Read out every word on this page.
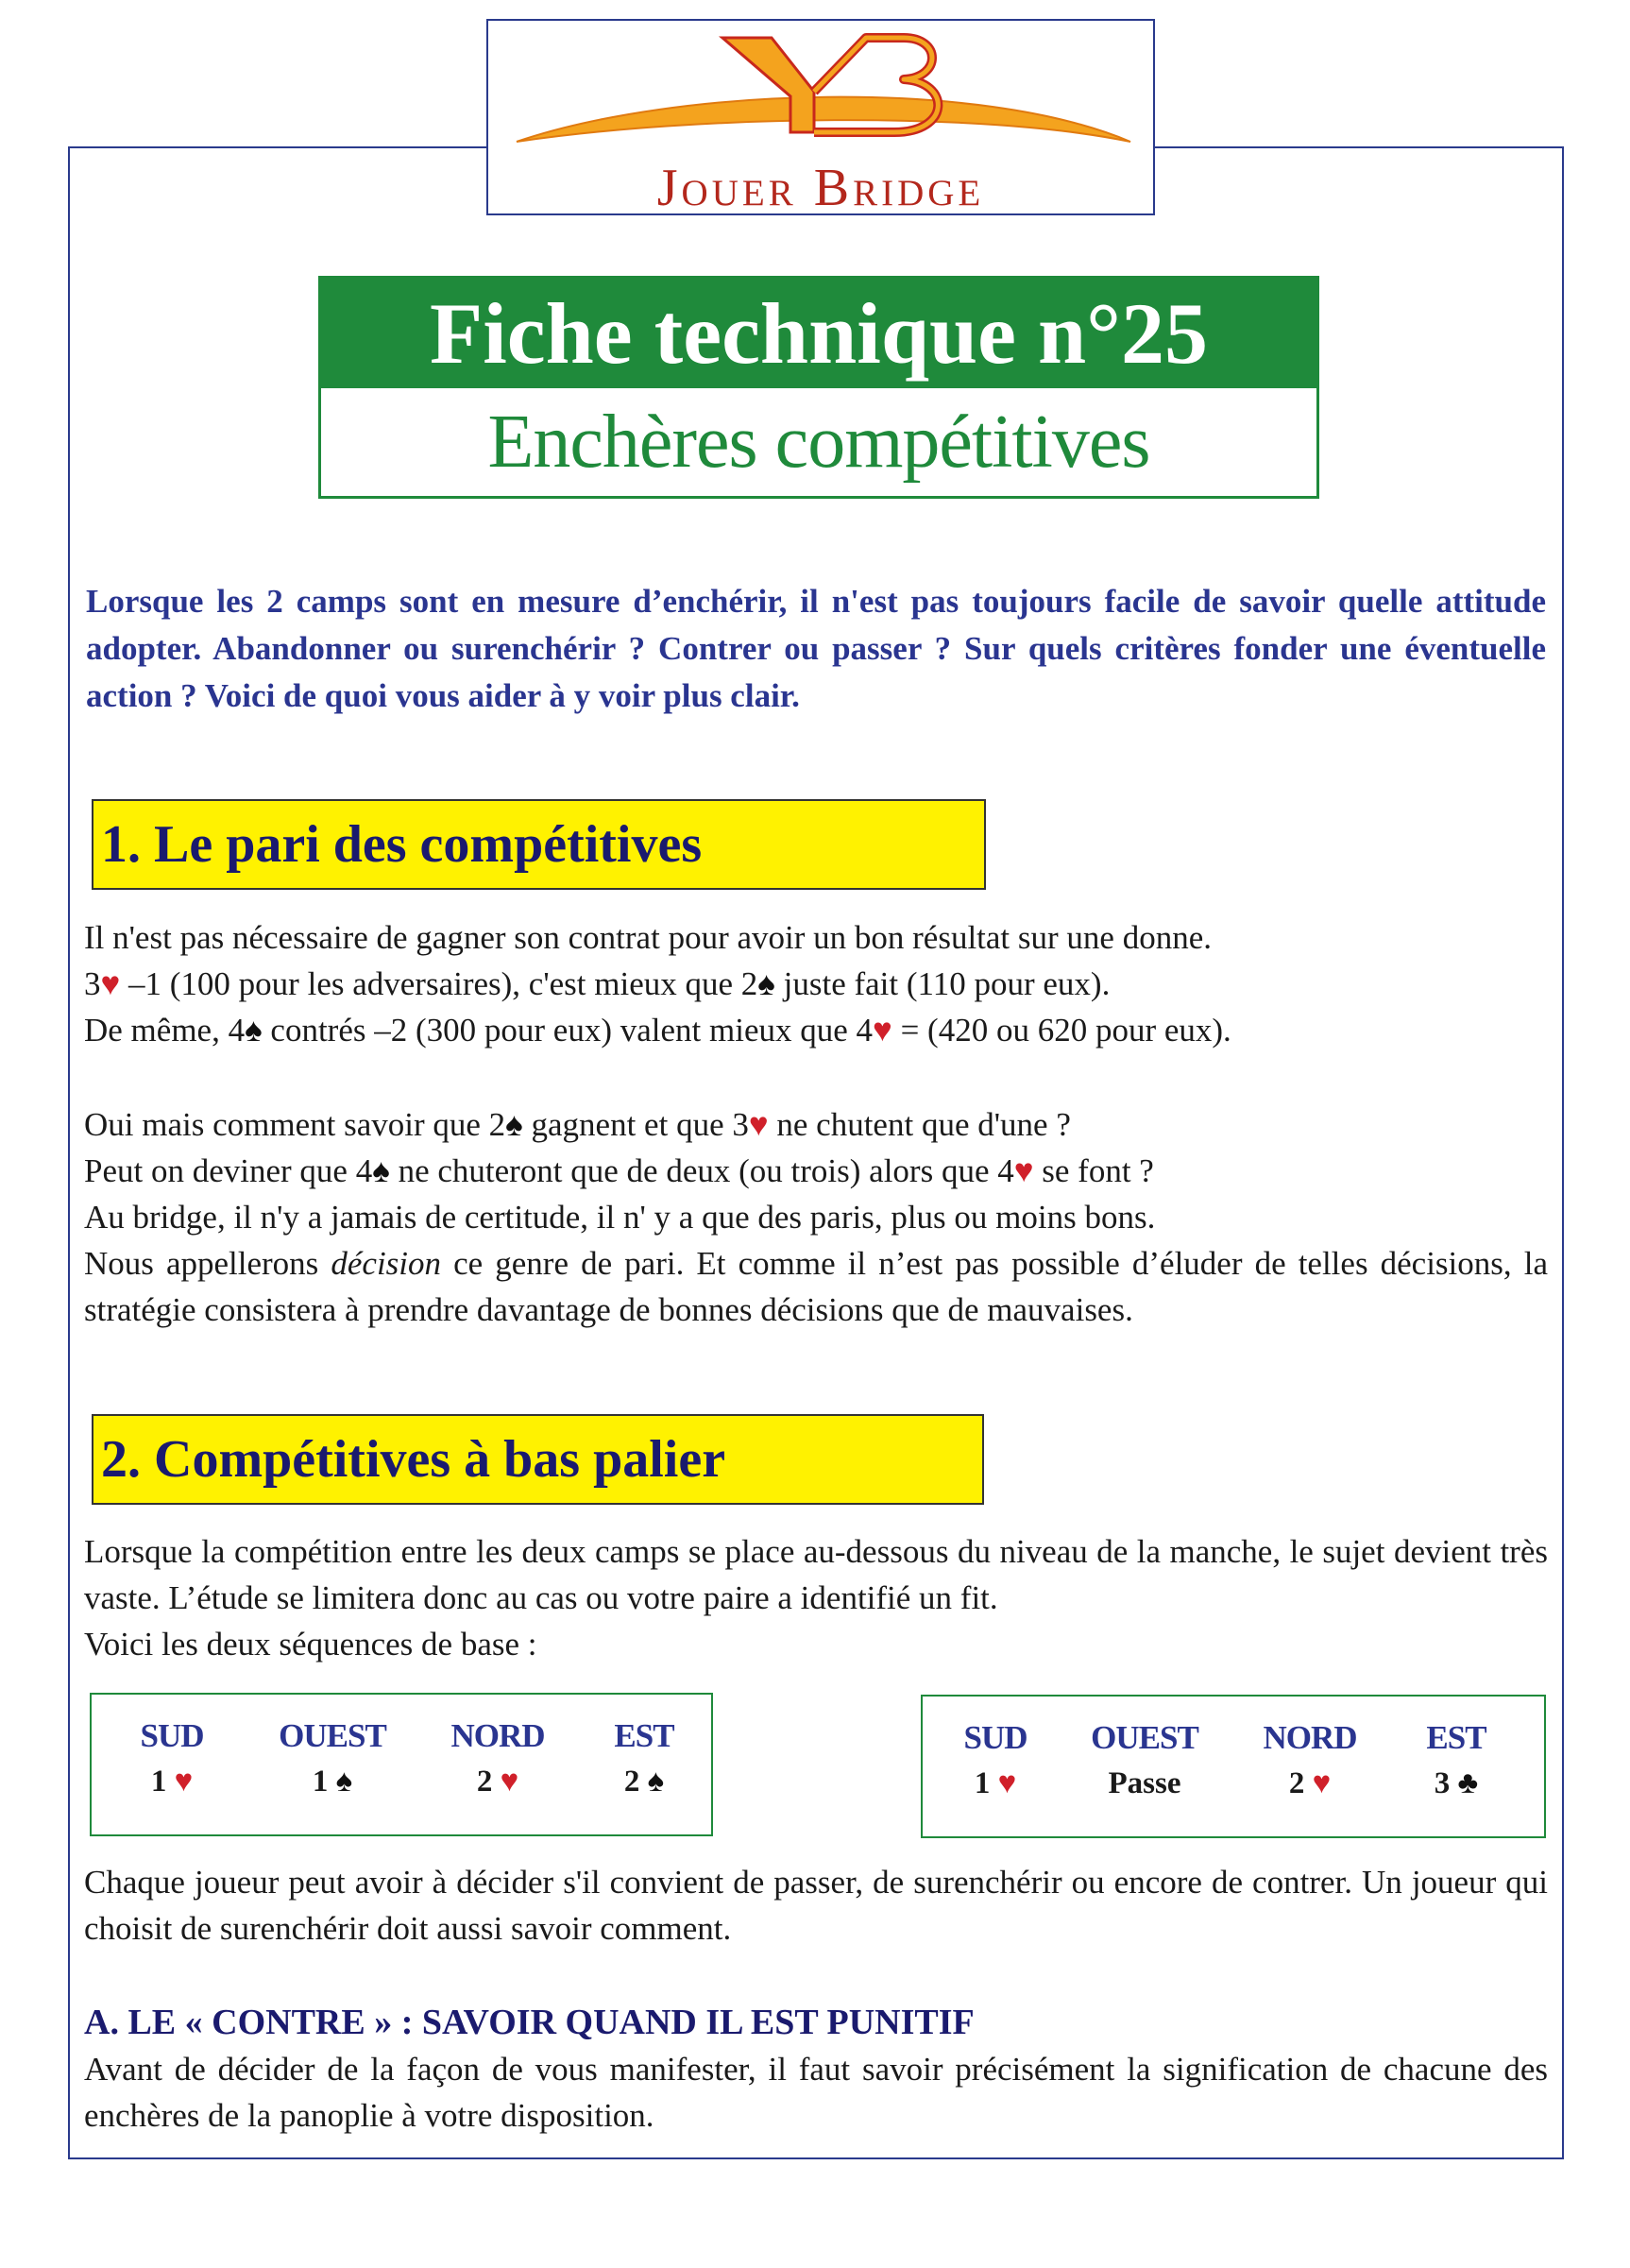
Jouer Bridge
Fiche technique n°25
Enchères compétitives

Lorsque les 2 camps sont en mesure d’enchérir, il n'est pas toujours facile de savoir quelle attitude adopter. Abandonner ou surenchérir ? Contrer ou passer ? Sur quels critères fonder une éventuelle action ? Voici de quoi vous aider à y voir plus clair.

1. Le pari des compétitives

Il n'est pas nécessaire de gagner son contrat pour avoir un bon résultat sur une donne.
3♥ –1 (100 pour les adversaires), c'est mieux que 2♠ juste fait (110 pour eux).
De même, 4♠ contrés –2 (300 pour eux) valent mieux que 4♥ = (420 ou 620 pour eux).

Oui mais comment savoir que 2♠ gagnent et que 3♥ ne chutent que d'une ?
Peut on deviner que 4♠ ne chuteront que de deux (ou trois) alors que 4♥ se font ?
Au bridge, il n'y a jamais de certitude, il n' y a que des paris, plus ou moins bons.
Nous appellerons décision ce genre de pari. Et comme il n’est pas possible d’éluder de telles décisions, la stratégie consistera à prendre davantage de bonnes décisions que de mauvaises.

2. Compétitives à bas palier

Lorsque la compétition entre les deux camps se place au-dessous du niveau de la manche, le sujet devient très vaste. L’étude se limitera donc au cas ou votre paire a identifié un fit.
Voici les deux séquences de base :

SUD
1 ♥
OUEST
1 ♠
NORD
2 ♥
EST
2 ♠
SUD
1 ♥
OUEST
Passe
NORD
2 ♥
EST
3 ♣

Chaque joueur peut avoir à décider s'il convient de passer, de surenchérir ou encore de contrer. Un joueur qui choisit de surenchérir doit aussi savoir comment.

A. LE « CONTRE » : SAVOIR QUAND IL EST PUNITIF

Avant de décider de la façon de vous manifester, il faut savoir précisément la signification de chacune des enchères de la panoplie à votre disposition.
